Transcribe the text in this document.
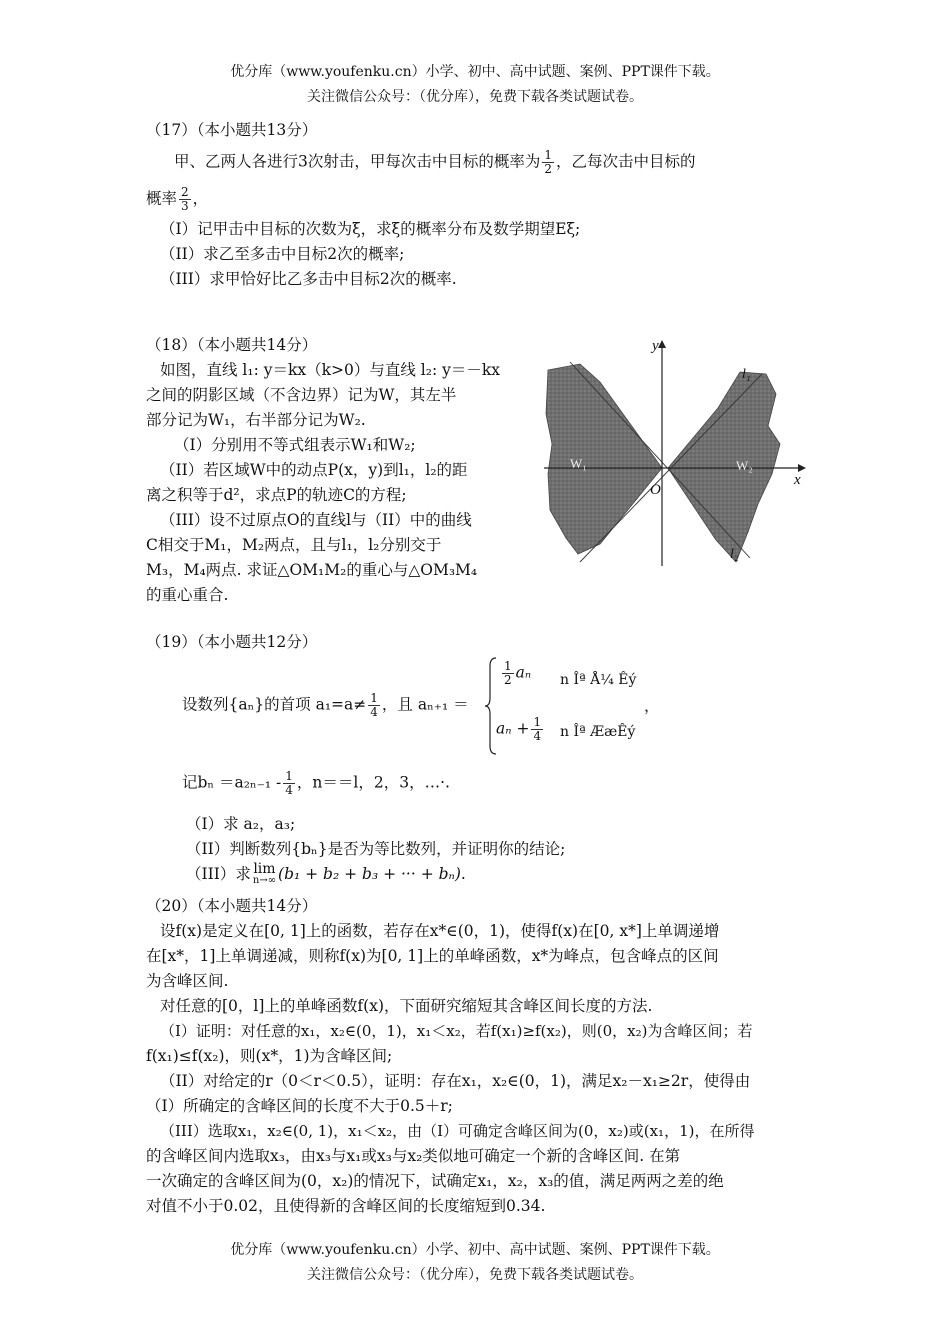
优分库（www.youfenku.cn）小学、初中、高中试题、案例、PPT课件下载。
关注微信公众号：（优分库），免费下载各类试题试卷。
（17）（本小题共13分）
甲、乙两人各进行3次射击，甲每次击中目标的概率为 $\frac{1}{2}$ ，乙每次击中目标的
概率 $\frac{2}{3}$ ，
（I）记甲击中目标的次数为ξ，求ξ的概率分布及数学期望Eξ;
（II）求乙至多击中目标2次的概率;
（III）求甲恰好比乙多击中目标2次的概率.
（18）（本小题共14分）
如图，直线 l₁: y＝kx（k>0）与直线 l₂: y＝－kx
之间的阴影区域（不含边界）记为W，其左半
部分记为W₁，右半部分记为W₂.
（I）分别用不等式组表示W₁和W₂;
（II）若区域W中的动点P(x，y)到l₁，l₂的距
离之积等于d²，求点P的轨迹C的方程;
（III）设不过原点O的直线l与（II）中的曲线
C相交于M₁，M₂两点，且与l₁，l₂分别交于
M₃，M₄两点. 求证△OM₁M₂的重心与△OM₃M₄
的重心重合.
y
x
O
l₁
l₂
W₁	W₂
（19）（本小题共12分）
设数列{aₙ}的首项 $a_1=a\ne \frac{1}{4}$ ，且 aₙ₊₁ ＝
$\frac{1}{2}$ aₙ n Îª Å¼ Êý
$a_n + \frac{1}{4}$ n Îª ÆæÊý
，
记$b_n =a_{2n-1} - \frac{1}{4}$ ，n＝＝l，2，3，…·.
（I）求 a₂，a₃;
（II）判断数列{bₙ}是否为等比数列，并证明你的结论;
（III）求 lim
n→∞ (b₁ + b₂ + b₃ + ··· + bₙ).
（20）（本小题共14分）
设f(x)是定义在[0, 1]上的函数，若存在x*∈(0，1)，使得f(x)在[0, x*]上单调递增
在[x*，1]上单调递减，则称f(x)为[0, 1]上的单峰函数，x*为峰点，包含峰点的区间
为含峰区间.
对任意的[0，l]上的单峰函数f(x)，下面研究缩短其含峰区间长度的方法.
（I）证明：对任意的x₁，x₂∈(0，1)，x₁＜x₂，若f(x₁)≥f(x₂)，则(0，x₂)为含峰区间；若
f(x₁)≤f(x₂)，则(x*，1)为含峰区间;
（II）对给定的r（0＜r＜0.5），证明：存在x₁，x₂∈(0，1)，满足x₂－x₁≥2r，使得由
（I）所确定的含峰区间的长度不大于0.5＋r;
（III）选取x₁，x₂∈(0, 1)，x₁＜x₂，由（I）可确定含峰区间为(0，x₂)或(x₁，1)，在所得
的含峰区间内选取x₃，由x₃与x₁或x₃与x₂类似地可确定一个新的含峰区间. 在第
一次确定的含峰区间为(0，x₂)的情况下，试确定x₁，x₂，x₃的值，满足两两之差的绝
对值不小于0.02，且使得新的含峰区间的长度缩短到0.34.
优分库（www.youfenku.cn）小学、初中、高中试题、案例、PPT课件下载。
关注微信公众号：（优分库），免费下载各类试题试卷。
